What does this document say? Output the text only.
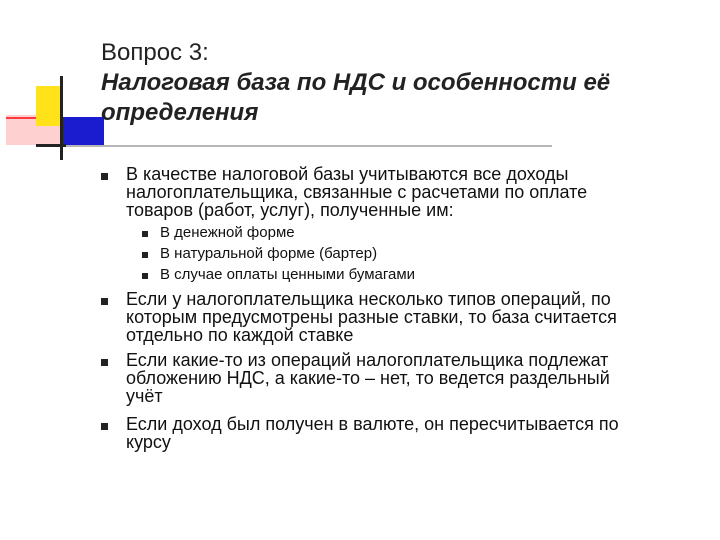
Вопрос 3:
Налоговая база по НДС и особенности её
определения
В качестве налоговой базы учитываются все доходы
налогоплательщика, связанные с расчетами по оплате
товаров (работ, услуг), полученные им:
В денежной форме
В натуральной форме (бартер)
В случае оплаты ценными бумагами
Если у налогоплательщика несколько типов операций, по
которым предусмотрены разные ставки, то база считается
отдельно по каждой ставке
Если какие-то из операций налогоплательщика подлежат
обложению НДС, а какие-то – нет, то ведется раздельный
учёт
Если доход был получен в валюте, он пересчитывается по
курсу
